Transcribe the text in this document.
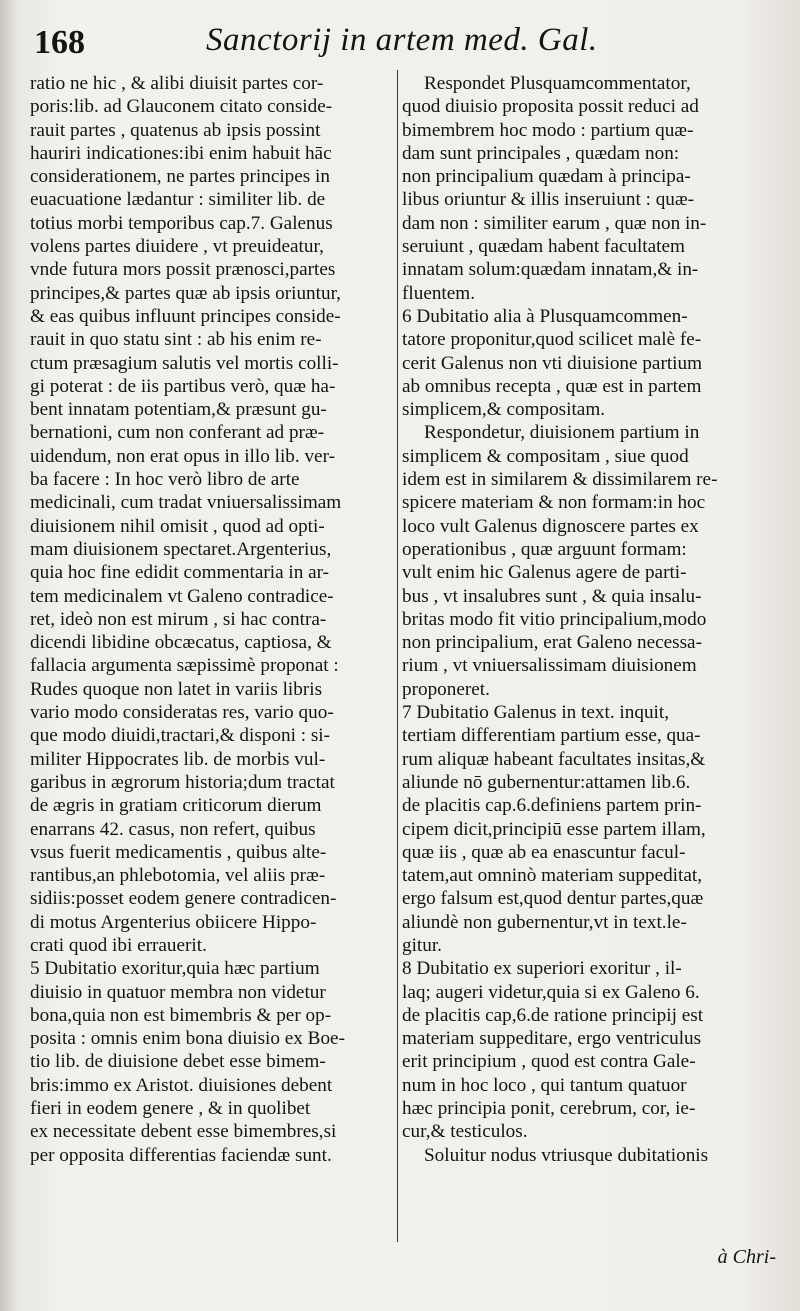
168	Sanctorij in artem med. Gal.
ratio ne hic , & alibi diuisit partes cor-
poris:lib. ad Glauconem citato conside-
rauit partes , quatenus ab ipsis possint
hauriri indicationes:ibi enim habuit hāc
considerationem, ne partes principes in
euacuatione lædantur : similiter lib. de
totius morbi temporibus cap.7. Galenus
volens partes diuidere , vt preuideatur,
vnde futura mors possit prænosci,partes
principes,& partes quæ ab ipsis oriuntur,
& eas quibus influunt principes conside-
rauit in quo statu sint : ab his enim re-
ctum præsagium salutis vel mortis colli-
gi poterat : de iis partibus verò, quæ ha-
bent innatam potentiam,& præsunt gu-
bernationi, cum non conferant ad præ-
uidendum, non erat opus in illo lib. ver-
ba facere : In hoc verò libro de arte
medicinali, cum tradat vniuersalissimam
diuisionem nihil omisit , quod ad opti-
mam diuisionem spectaret.Argenterius,
quia hoc fine edidit commentaria in ar-
tem medicinalem vt Galeno contradice-
ret, ideò non est mirum , si hac contra-
dicendi libidine obcæcatus, captiosa, &
fallacia argumenta sæpissimè proponat :
Rudes quoque non latet in variis libris
vario modo consideratas res, vario quo-
que modo diuidi,tractari,& disponi : si-
militer Hippocrates lib. de morbis vul-
garibus in ægrorum historia;dum tractat
de ægris in gratiam criticorum dierum
enarrans 42. casus, non refert, quibus
vsus fuerit medicamentis , quibus alte-
rantibus,an phlebotomia, vel aliis præ-
sidiis:posset eodem genere contradicen-
di motus Argenterius obiicere Hippo-
crati quod ibi errauerit.
5 Dubitatio exoritur,quia hæc partium
diuisio in quatuor membra non videtur
bona,quia non est bimembris & per op-
posita : omnis enim bona diuisio ex Boe-
tio lib. de diuisione debet esse bimem-
bris:immo ex Aristot. diuisiones debent
fieri in eodem genere , & in quolibet
ex necessitate debent esse bimembres,si
per opposita differentias faciendæ sunt.
Respondet Plusquamcommentator,
quod diuisio proposita possit reduci ad
bimembrem hoc modo : partium quæ-
dam sunt principales , quædam non:
non principalium quædam à principa-
libus oriuntur & illis inseruiunt : quæ-
dam non : similiter earum , quæ non in-
seruiunt , quædam habent facultatem
innatam solum:quædam innatam,& in-
fluentem.
6 Dubitatio alia à Plusquamcommen-
tatore proponitur,quod scilicet malè fe-
cerit Galenus non vti diuisione partium
ab omnibus recepta , quæ est in partem
simplicem,& compositam.
Respondetur, diuisionem partium in
simplicem & compositam , siue quod
idem est in similarem & dissimilarem re-
spicere materiam & non formam:in hoc
loco vult Galenus dignoscere partes ex
operationibus , quæ arguunt formam:
vult enim hic Galenus agere de parti-
bus , vt insalubres sunt , & quia insalu-
britas modo fit vitio principalium,modo
non principalium, erat Galeno necessa-
rium , vt vniuersalissimam diuisionem
proponeret.
7 Dubitatio Galenus in text. inquit,
tertiam differentiam partium esse, qua-
rum aliquæ habeant facultates insitas,&
aliunde nō gubernentur:attamen lib.6.
de placitis cap.6.definiens partem prin-
cipem dicit,principiū esse partem illam,
quæ iis , quæ ab ea enascuntur facul-
tatem,aut omninò materiam suppeditat,
ergo falsum est,quod dentur partes,quæ
aliundè non gubernentur,vt in text.le-
gitur.
8 Dubitatio ex superiori exoritur , il-
laq; augeri videtur,quia si ex Galeno 6.
de placitis cap,6.de ratione principij est
materiam suppeditare, ergo ventriculus
erit principium , quod est contra Gale-
num in hoc loco , qui tantum quatuor
hæc principia ponit, cerebrum, cor, ie-
cur,& testiculos.
Soluitur nodus vtriusque dubitationis
à Chri-
